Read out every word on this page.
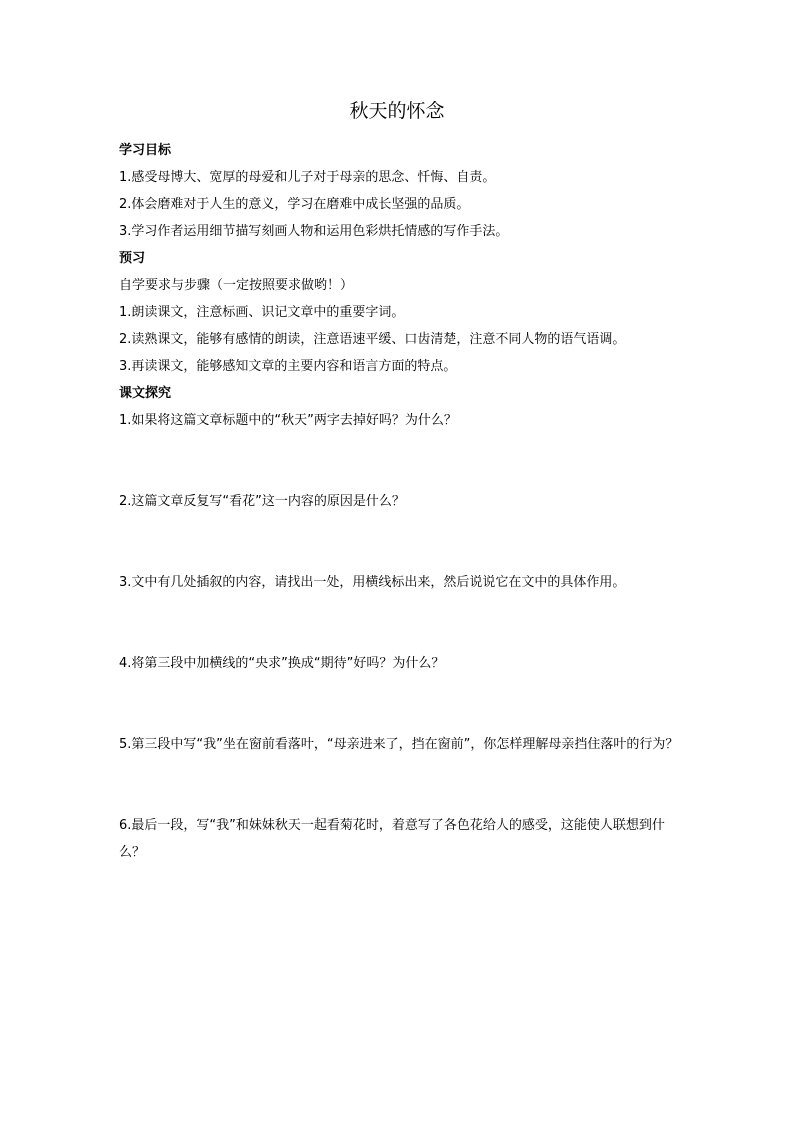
秋天的怀念
学习目标
1.感受母博大、宽厚的母爱和儿子对于母亲的思念、忏悔、自责。
2.体会磨难对于人生的意义，学习在磨难中成长坚强的品质。
3.学习作者运用细节描写刻画人物和运用色彩烘托情感的写作手法。
预习
自学要求与步骤（一定按照要求做哟！）
1.朗读课文，注意标画、识记文章中的重要字词。
2.读熟课文，能够有感情的朗读，注意语速平缓、口齿清楚，注意不同人物的语气语调。
3.再读课文，能够感知文章的主要内容和语言方面的特点。
课文探究
1.如果将这篇文章标题中的“秋天”两字去掉好吗？为什么？
2.这篇文章反复写“看花”这一内容的原因是什么？
3.文中有几处插叙的内容，请找出一处，用横线标出来，然后说说它在文中的具体作用。
4.将第三段中加横线的“央求”换成“期待”好吗？为什么？
5.第三段中写“我”坐在窗前看落叶，“母亲进来了，挡在窗前”，你怎样理解母亲挡住落叶的行为？
6.最后一段，写“我”和妹妹秋天一起看菊花时，着意写了各色花给人的感受，这能使人联想到什么？
